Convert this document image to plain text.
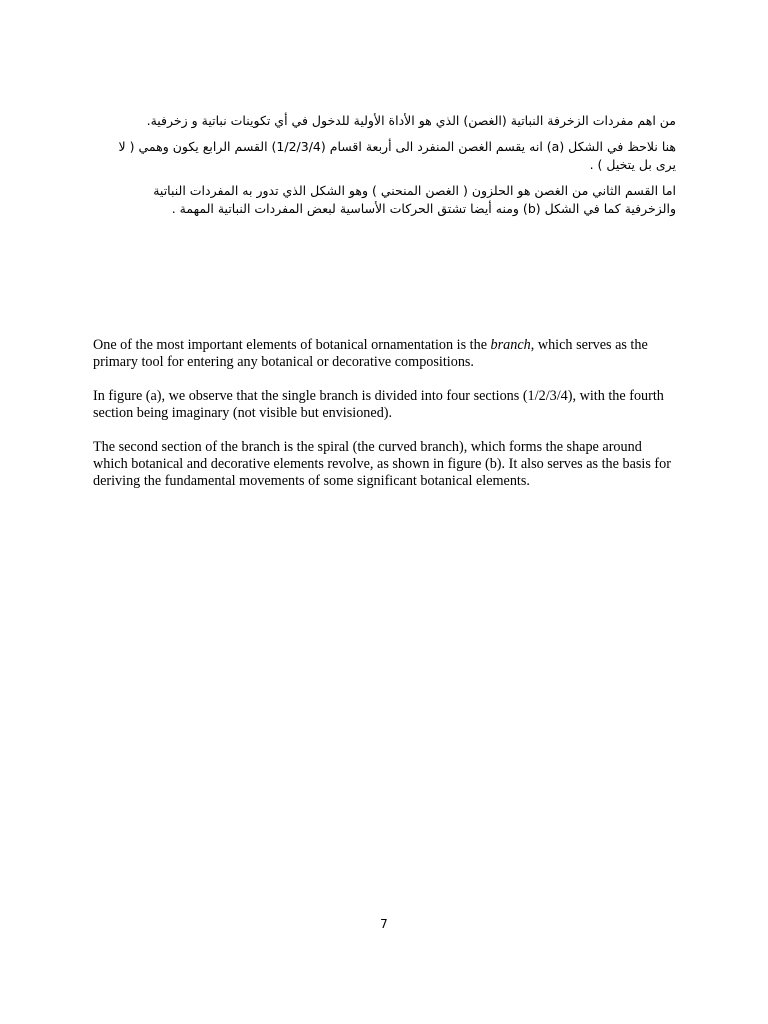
من اهم مفردات الزخرفة النباتية (الغصن) الذي هو الأداة الأولية للدخول في أي تكوينات نباتية و زخرفية.

هنا نلاحظ في الشكل (a) انه يقسم الغصن المنفرد الى أربعة اقسام (1/2/3/4) القسم الرابع يكون وهمي ( لا يرى بل يتخيل ) .

اما القسم الثاني من الغصن هو الحلزون ( الغصن المنحني ) وهو الشكل الذي تدور به المفردات النباتية والزخرفية كما في الشكل (b) ومنه أيضا تشتق الحركات الأساسية لبعض المفردات النباتية المهمة .

One of the most important elements of botanical ornamentation is the branch, which serves as the primary tool for entering any botanical or decorative compositions.

In figure (a), we observe that the single branch is divided into four sections (1/2/3/4), with the fourth section being imaginary (not visible but envisioned).

The second section of the branch is the spiral (the curved branch), which forms the shape around which botanical and decorative elements revolve, as shown in figure (b). It also serves as the basis for deriving the fundamental movements of some significant botanical elements.

7
